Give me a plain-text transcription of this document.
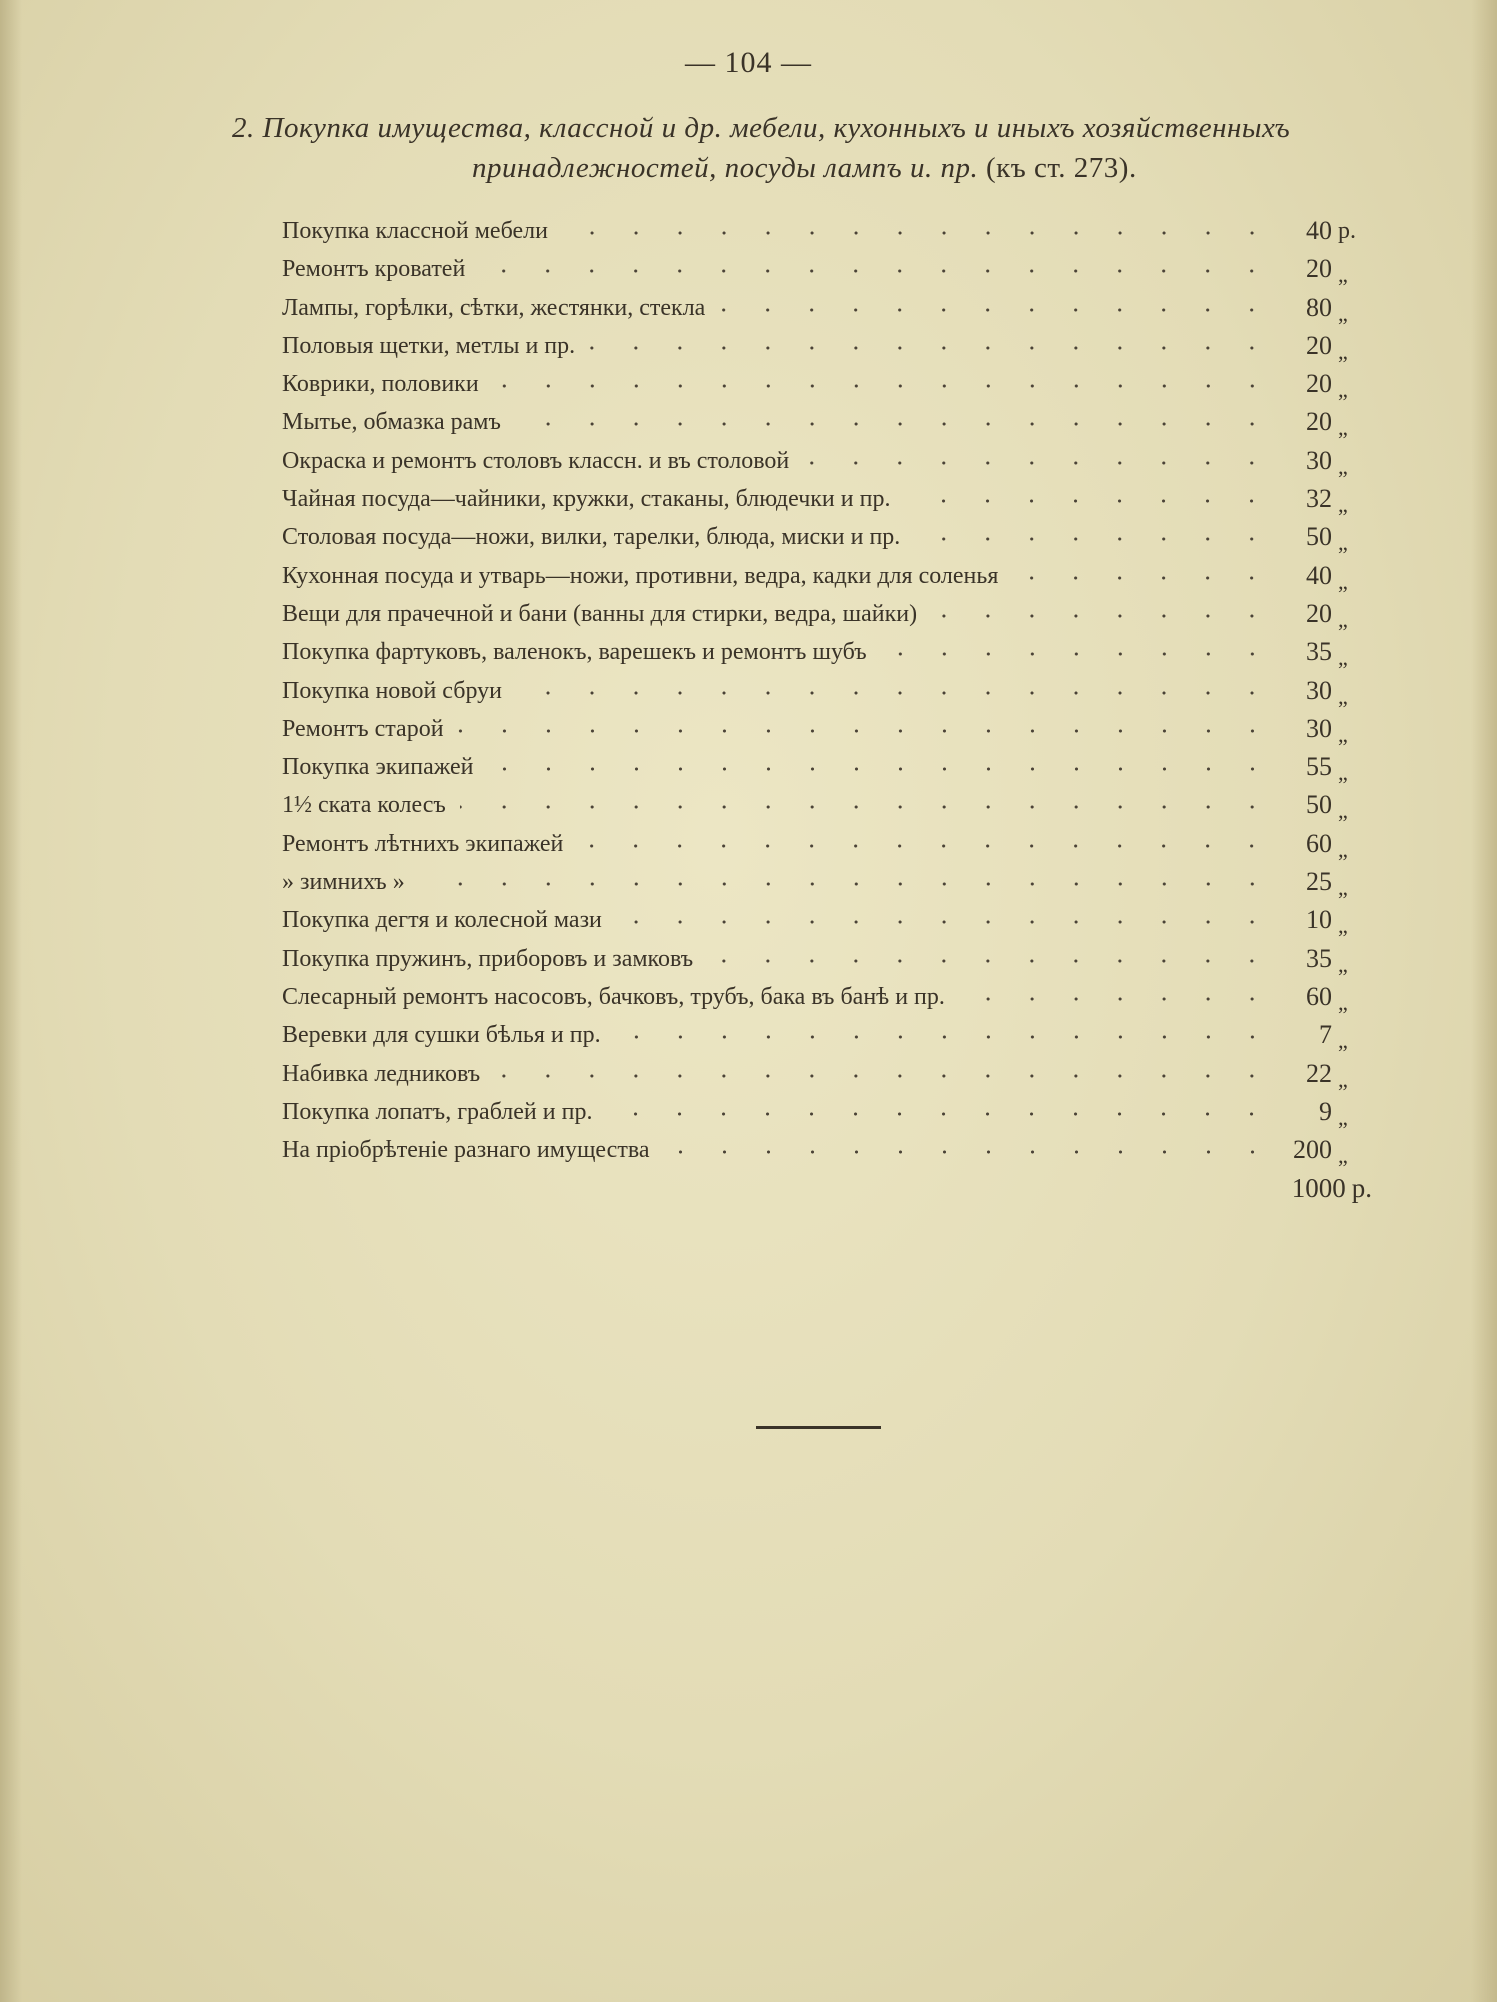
— 104 —
2. Покупка имущества, классной и др. мебели, кухонныхъ и иныхъ хозяйственныхъ
принадлежностей, посуды лампъ и. пр. (къ ст. 273).
Покупка классной мебели	40 р.
Ремонтъ кроватей	20 „
Лампы, горѣлки, сѣтки, жестянки, стекла	80 „
Половыя щетки, метлы и пр.	20 „
Коврики, половики	20 „
Мытье, обмазка рамъ	20 „
Окраска и ремонтъ столовъ классн. и въ столовой	30 „
Чайная посуда—чайники, кружки, стаканы, блюдечки и пр.	32 „
Столовая посуда—ножи, вилки, тарелки, блюда, миски и пр.	50 „
Кухонная посуда и утварь—ножи, противни, ведра, кадки для соленья	40 „
Вещи для прачечной и бани (ванны для стирки, ведра, шайки)	20 „
Покупка фартуковъ, валенокъ, варешекъ и ремонтъ шубъ	35 „
Покупка новой сбруи	30 „
Ремонтъ старой	30 „
Покупка экипажей	55 „
1½ ската колесъ	50 „
Ремонтъ лѣтнихъ экипажей	60 „
» зимнихъ »	25 „
Покупка дегтя и колесной мази	10 „
Покупка пружинъ, приборовъ и замковъ	35 „
Слесарный ремонтъ насосовъ, бачковъ, трубъ, бака въ банѣ и пр.	60 „
Веревки для сушки бѣлья и пр.	7 „
Набивка ледниковъ	22 „
Покупка лопатъ, граблей и пр.	9 „
На пріобрѣтеніе разнаго имущества	200 „
1000 р.
